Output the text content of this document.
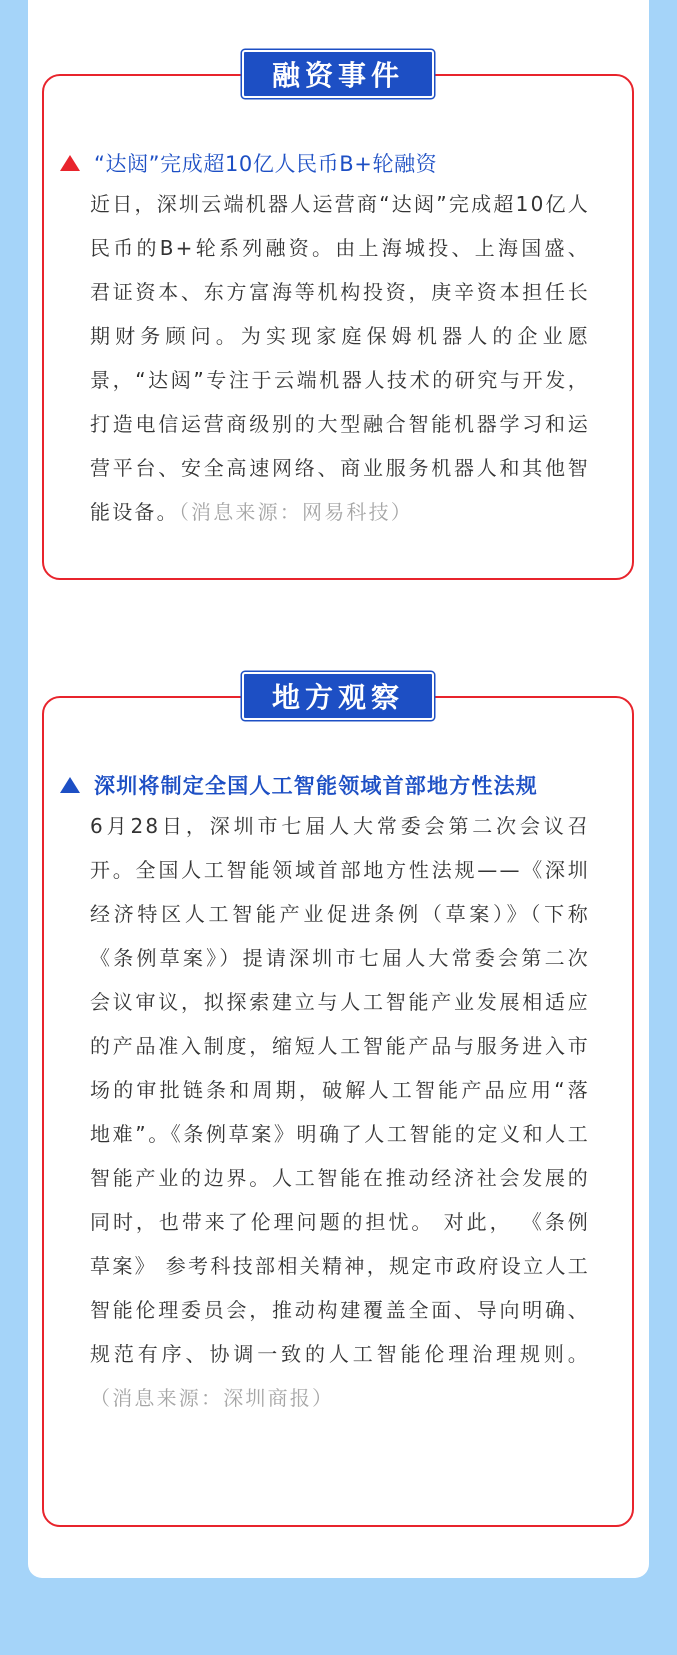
融资事件
“达闼”完成超10亿人民币B+轮融资

近日，深圳云端机器人运营商“达闼”完成超10亿人民币的B+轮系列融资。由上海城投、上海国盛、君证资本、东方富海等机构投资，庚辛资本担任长期财务顾问。为实现家庭保姆机器人的企业愿景，“达闼”专注于云端机器人技术的研究与开发，打造电信运营商级别的大型融合智能机器学习和运营平台、安全高速网络、商业服务机器人和其他智能设备。（消息来源：网易科技）

地方观察
深圳将制定全国人工智能领域首部地方性法规

6月28日，深圳市七届人大常委会第二次会议召开。全国人工智能领域首部地方性法规——《深圳经济特区人工智能产业促进条例（草案）》（下称《条例草案》）提请深圳市七届人大常委会第二次会议审议，拟探索建立与人工智能产业发展相适应的产品准入制度，缩短人工智能产品与服务进入市场的审批链条和周期，破解人工智能产品应用“落地难”。《条例草案》明确了人工智能的定义和人工智能产业的边界。人工智能在推动经济社会发展的同时，也带来了伦理问题的担忧。 对此， 《条例草案》 参考科技部相关精神，规定市政府设立人工智能伦理委员会，推动构建覆盖全面、导向明确、规范有序、协调一致的人工智能伦理治理规则。（消息来源：深圳商报）
